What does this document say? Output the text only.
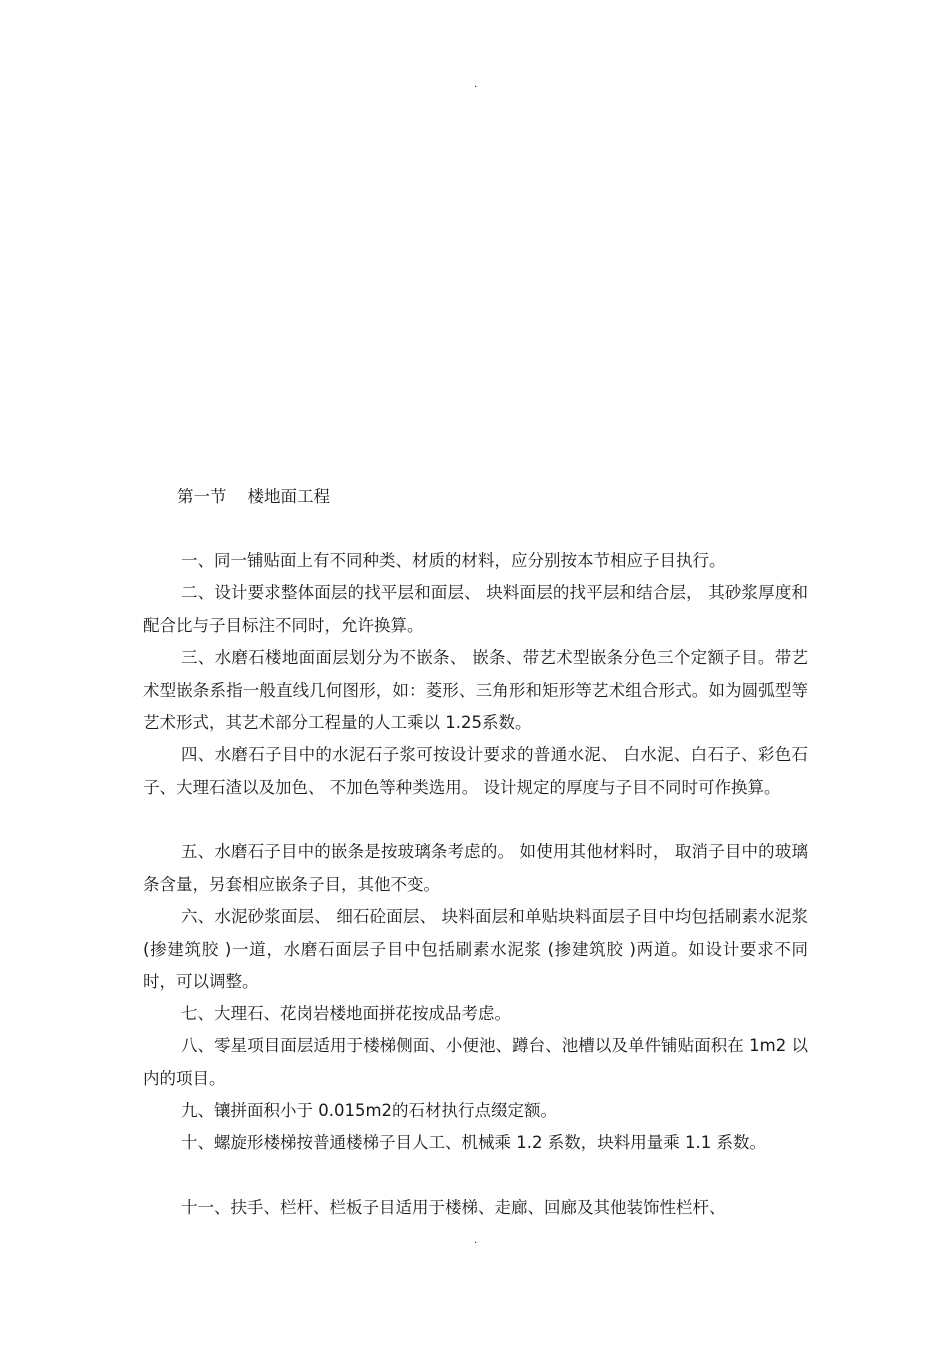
.
第一节    楼地面工程

一、同一铺贴面上有不同种类、材质的材料，应分别按本节相应子目执行。

二、设计要求整体面层的找平层和面层、 块料面层的找平层和结合层， 其砂浆厚度和配合比与子目标注不同时，允许换算。

三、水磨石楼地面面层划分为不嵌条、 嵌条、带艺术型嵌条分色三个定额子目。带艺术型嵌条系指一般直线几何图形，如：菱形、三角形和矩形等艺术组合形式。如为圆弧型等艺术形式，其艺术部分工程量的人工乘以 1.25系数。

四、水磨石子目中的水泥石子浆可按设计要求的普通水泥、 白水泥、白石子、彩色石子、大理石渣以及加色、 不加色等种类选用。 设计规定的厚度与子目不同时可作换算。

五、水磨石子目中的嵌条是按玻璃条考虑的。 如使用其他材料时， 取消子目中的玻璃条含量，另套相应嵌条子目，其他不变。

六、水泥砂浆面层、 细石砼面层、 块料面层和单贴块料面层子目中均包括刷素水泥浆 (掺建筑胶 )一道，水磨石面层子目中包括刷素水泥浆 (掺建筑胶 )两道。如设计要求不同时，可以调整。

七、大理石、花岗岩楼地面拼花按成品考虑。

八、零星项目面层适用于楼梯侧面、小便池、蹲台、池槽以及单件铺贴面积在 1m2 以内的项目。

九、镶拼面积小于 0.015m2的石材执行点缀定额。

十、螺旋形楼梯按普通楼梯子目人工、机械乘 1.2 系数，块料用量乘 1.1 系数。

十一、扶手、栏杆、栏板子目适用于楼梯、走廊、回廊及其他装饰性栏杆、

.
